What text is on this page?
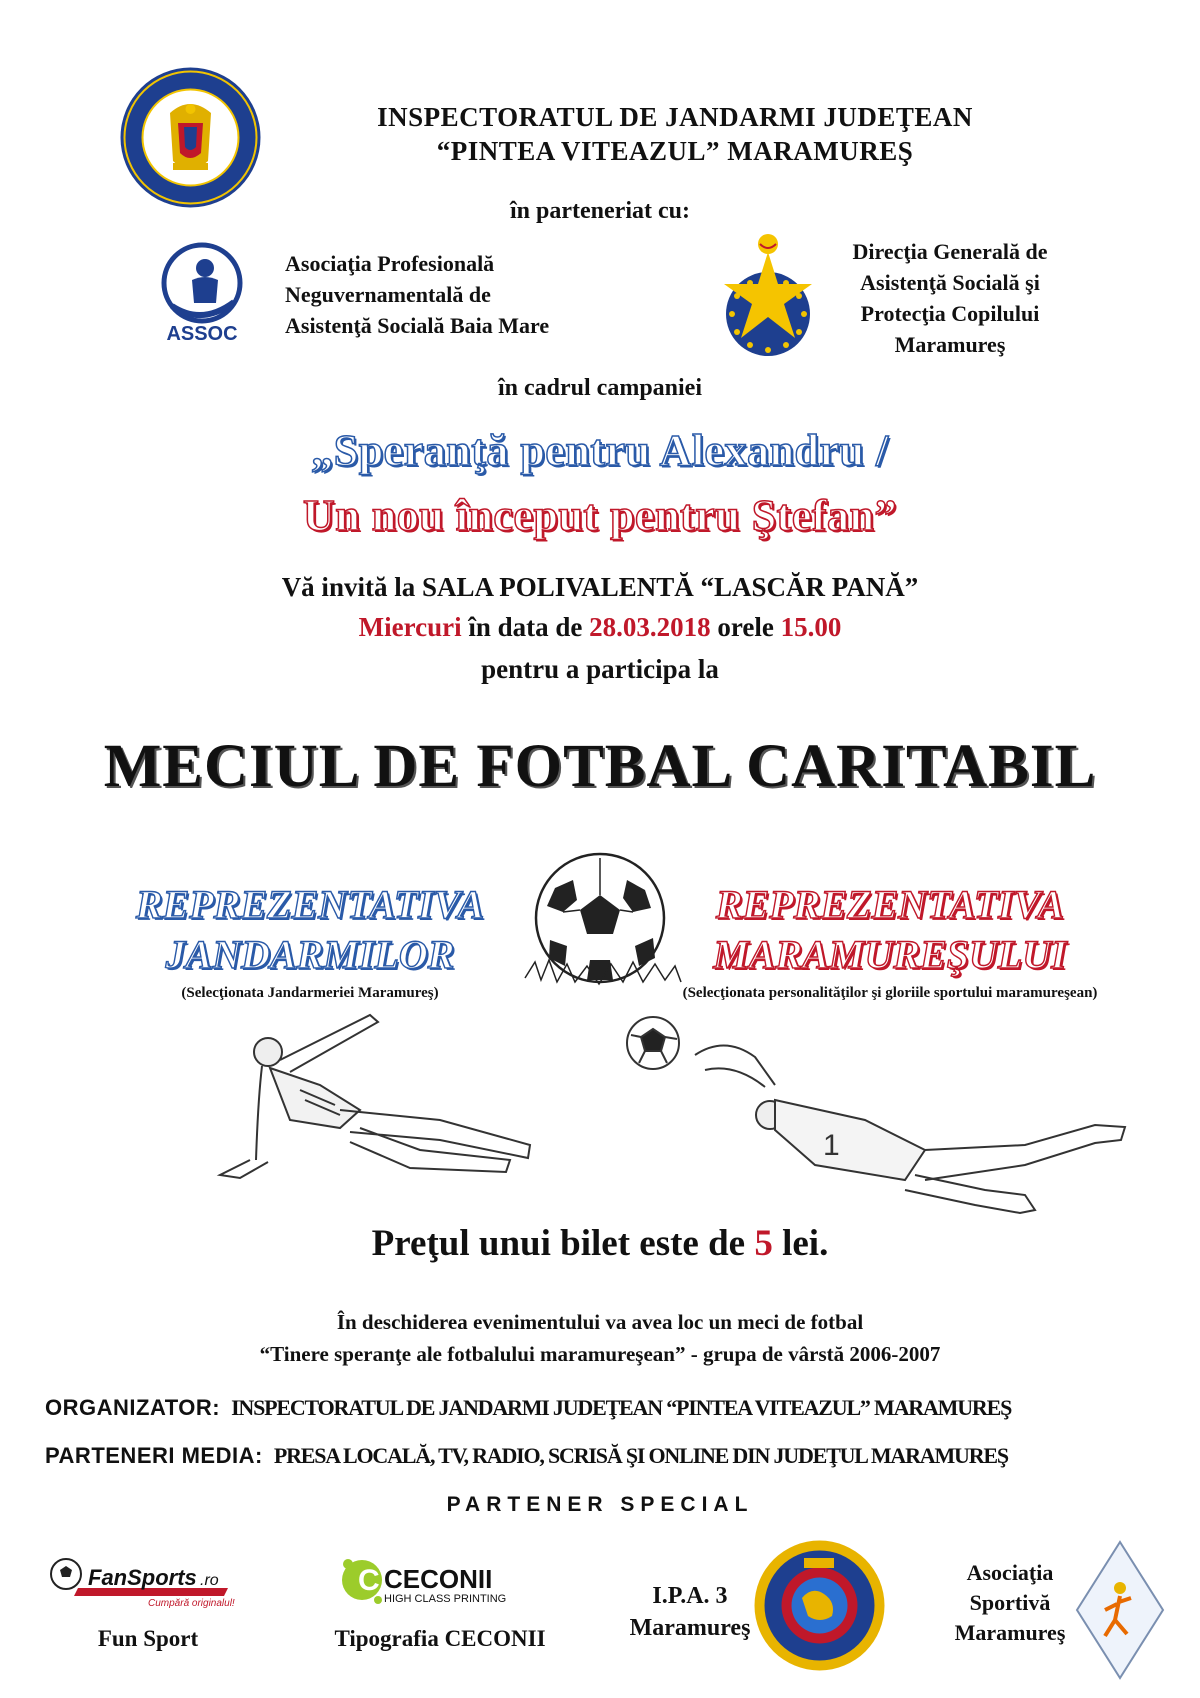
INSPECTORATUL DE JANDARMI JUDEŢEAN
“PINTEA VITEAZUL” MARAMUREŞ
în parteneriat cu:
ASSOC
Asociaţia Profesională
Neguvernamentală de
Asistenţă Socială Baia Mare
Direcţia Generală de
Asistenţă Socială şi
Protecţia Copilului
Maramureş
în cadrul campaniei
„Speranţă pentru Alexandru /
Un nou început pentru Ştefan”
Vă invită la SALA POLIVALENTĂ “LASCĂR PANĂ”
Miercuri în data de 28.03.2018 orele 15.00
pentru a participa la
MECIUL DE FOTBAL CARITABIL
REPREZENTATIVA
JANDARMILOR
(Selecţionata Jandarmeriei Maramureş)
REPREZENTATIVA
MARAMUREŞULUI
(Selecţionata personalităţilor şi gloriile sportului maramureşean)
1
Preţul unui bilet este de 5 lei.
În deschiderea evenimentului va avea loc un meci de fotbal
“Tinere speranţe ale fotbalului maramureşean” - grupa de vârstă 2006-2007
ORGANIZATOR: INSPECTORATUL DE JANDARMI JUDEŢEAN “PINTEA VITEAZUL” MARAMUREŞ
PARTENERI MEDIA: PRESA LOCALĂ, TV, RADIO, SCRISĂ ŞI ONLINE DIN JUDEŢUL MARAMUREŞ
PARTENER SPECIAL
FanSports .ro
Cumpără originalul!
Fun Sport
C CECONII
HIGH CLASS PRINTING
Tipografia CECONII
I.P.A. 3
Maramureş
Asociaţia
Sportivă
Maramureş
